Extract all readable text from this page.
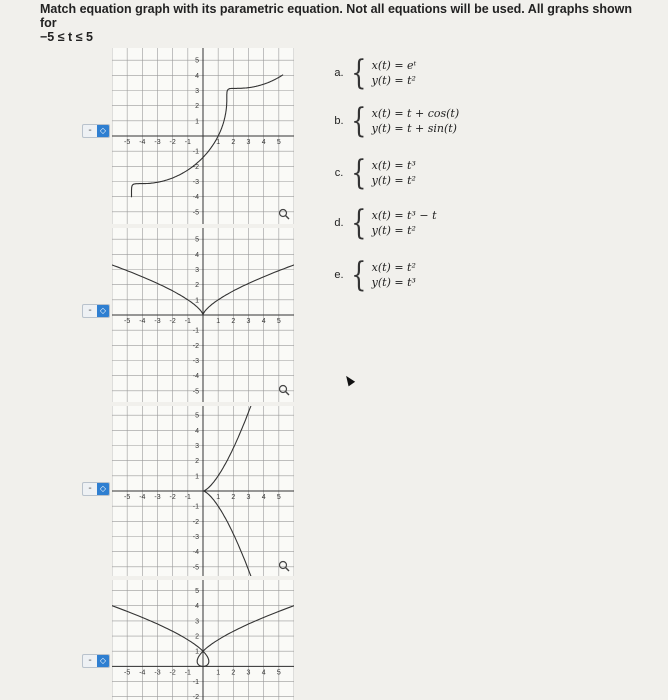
Match equation graph with its parametric equation. Not all equations will be used. All graphs shown for
−5 ≤ t ≤ 5
-5
-5
-4
-4
-3
-3
-2
-2
-1
-1
1
1
2
2
3
3
4
4
5
5
-5
-5
-4
-4
-3
-3
-2
-2
-1
-1
1
1
2
2
3
3
4
4
5
5
-5
-5
-4
-4
-3
-3
-2
-2
-1
-1
1
1
2
2
3
3
4
4
5
5
-5 -4 -3 -2
-2
-1
-1
1
1
2
2
3
3
4
4
5
5
-	◇
-	◇
-	◇
-	◇
a. { x(t) = eᵗ
y(t) = t²
b. { x(t) = t + cos(t)
y(t) = t + sin(t)
c. { x(t) = t³
y(t) = t²
d. { x(t) = t³ − t
y(t) = t²
e. { x(t) = t²
y(t) = t³
